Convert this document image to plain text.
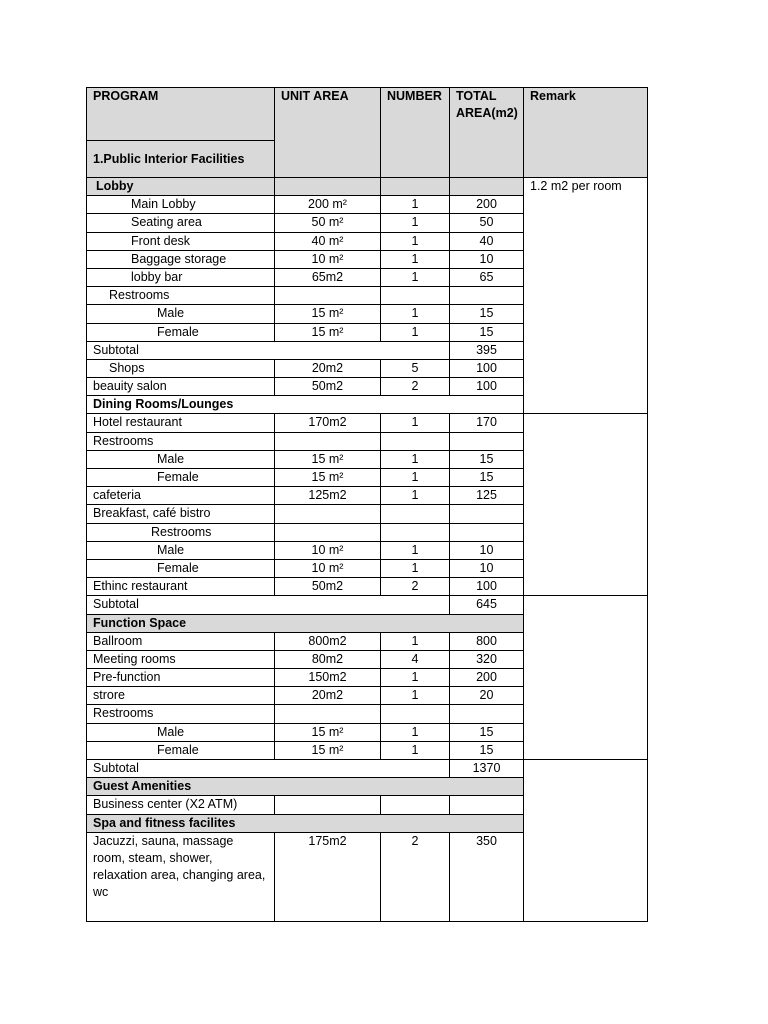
PROGRAM	UNIT AREA	NUMBER	TOTAL AREA(m2)	Remark
1.Public Interior Facilities				
Lobby				1.2 m2 per room
Main Lobby	200 m²	1	200	
Seating area	50 m²	1	50	
Front desk	40 m²	1	40	
Baggage storage	10 m²	1	10	
lobby bar	65m2	1	65	
Restrooms				
Male	15 m²	1	15	
Female	15 m²	1	15	
Subtotal			395	
Shops	20m2	5	100	
beauity salon	50m2	2	100	
Dining Rooms/Lounges				
Hotel restaurant	170m2	1	170	
Restrooms				
Male	15 m²	1	15	
Female	15 m²	1	15	
cafeteria	125m2	1	125	
Breakfast, café bistro				
Restrooms				
Male	10 m²	1	10	
Female	10 m²	1	10	
Ethinc restaurant	50m2	2	100	
Subtotal			645	
Function Space				
Ballroom	800m2	1	800	
Meeting rooms	80m2	4	320	
Pre-function	150m2	1	200	
strore	20m2	1	20	
Restrooms				
Male	15 m²	1	15	
Female	15 m²	1	15	
Subtotal			1370	
Guest Amenities				
Business center (X2 ATM)				
Spa and fitness facilites				
Jacuzzi, sauna, massage room, steam, shower, relaxation area, changing area, wc	175m2	2	350	
